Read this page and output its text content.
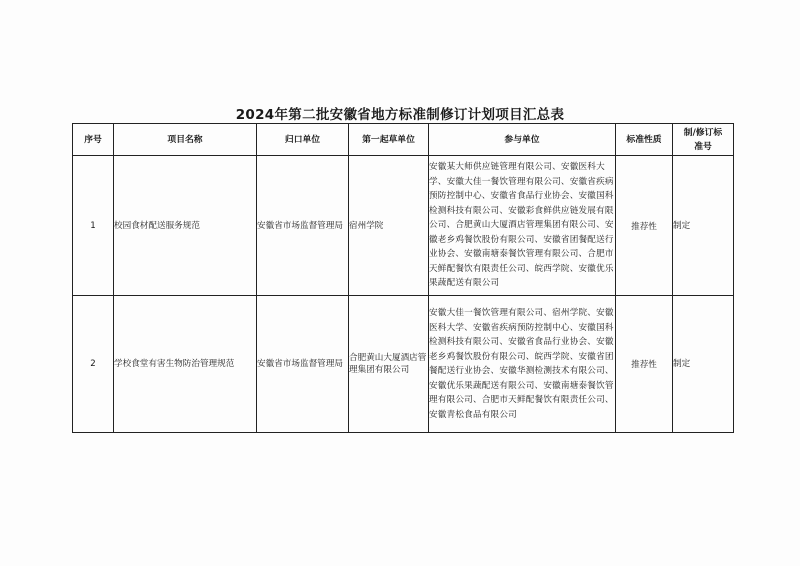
2024年第二批安徽省地方标准制修订计划项目汇总表
序号	项目名称	归口单位	第一起草单位	参与单位	标准性质	制/修订标
准号

1	校园食材配送服务规范	安徽省市场监督管理局	宿州学院	安徽某大师供应链管理有限公司、安徽医科大学、安徽大佳一餐饮管理有限公司、安徽省疾病预防控制中心、安徽省食品行业协会、安徽国科检测科技有限公司、安徽彩食鲜供应链发展有限公司、合肥黄山大厦酒店管理集团有限公司、安徽老乡鸡餐饮股份有限公司、安徽省团餐配送行业协会、安徽南塘泰餐饮管理有限公司、合肥市天鲜配餐饮有限责任公司、皖西学院、安徽优乐果蔬配送有限公司	推荐性	制定
2	学校食堂有害生物防治管理规范	安徽省市场监督管理局	合肥黄山大厦酒店管理集团有限公司	安徽大佳一餐饮管理有限公司、宿州学院、安徽医科大学、安徽省疾病预防控制中心、安徽国科检测科技有限公司、安徽省食品行业协会、安徽老乡鸡餐饮股份有限公司、皖西学院、安徽省团餐配送行业协会、安徽华测检测技术有限公司、安徽优乐果蔬配送有限公司、安徽南塘泰餐饮管理有限公司、合肥市天鲜配餐饮有限责任公司、安徽青松食品有限公司	推荐性	制定
